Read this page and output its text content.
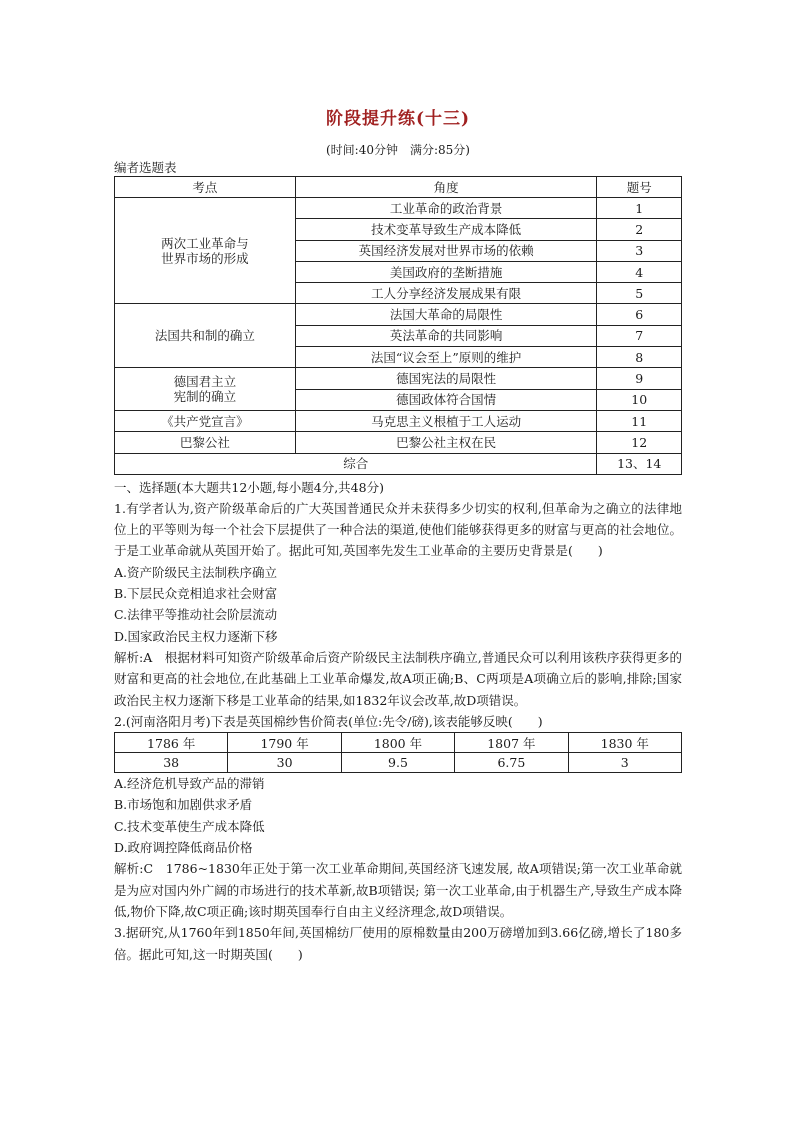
阶段提升练(十三)
(时间:40分钟　满分:85分)
编者选题表
考点	角度	题号

两次工业革命与
世界市场的形成	工业革命的政治背景	1
	技术变革导致生产成本降低	2
	英国经济发展对世界市场的依赖	3
	美国政府的垄断措施	4
	工人分享经济发展成果有限	5
法国共和制的确立	法国大革命的局限性	6
	英法革命的共同影响	7
	法国“议会至上”原则的维护	8

德国君主立
宪制的确立	德国宪法的局限性	9
	德国政体符合国情	10
《共产党宣言》	马克思主义根植于工人运动	11
巴黎公社	巴黎公社主权在民	12
综合		13、14
一、选择题(本大题共12小题,每小题4分,共48分)

1.有学者认为,资产阶级革命后的广大英国普通民众并未获得多少切实的权利,但革命为之确立的法律地位上的平等则为每一个社会下层提供了一种合法的渠道,使他们能够获得更多的财富与更高的社会地位。于是工业革命就从英国开始了。据此可知,英国率先发生工业革命的主要历史背景是(　　)

A.资产阶级民主法制秩序确立
B.下层民众竞相追求社会财富
C.法律平等推动社会阶层流动
D.国家政治民主权力逐渐下移

解析:A　根据材料可知资产阶级革命后资产阶级民主法制秩序确立,普通民众可以利用该秩序获得更多的财富和更高的社会地位,在此基础上工业革命爆发,故A项正确;B、C两项是A项确立后的影响,排除;国家政治民主权力逐渐下移是工业革命的结果,如1832年议会改革,故D项错误。

2.(河南洛阳月考)下表是英国棉纱售价简表(单位:先令/磅),该表能够反映(　　)

1786 年	1790 年	1800 年	1807 年	1830 年
38	30	9.5	6.75	3
A.经济危机导致产品的滞销
B.市场饱和加剧供求矛盾
C.技术变革使生产成本降低
D.政府调控降低商品价格

解析:C　1786~1830年正处于第一次工业革命期间,英国经济飞速发展, 故A项错误;第一次工业革命就是为应对国内外广阔的市场进行的技术革新,故B项错误; 第一次工业革命,由于机器生产,导致生产成本降低,物价下降,故C项正确;该时期英国奉行自由主义经济理念,故D项错误。

3.据研究,从1760年到1850年间,英国棉纺厂使用的原棉数量由200万磅增加到3.66亿磅,增长了180多倍。据此可知,这一时期英国(　　)
